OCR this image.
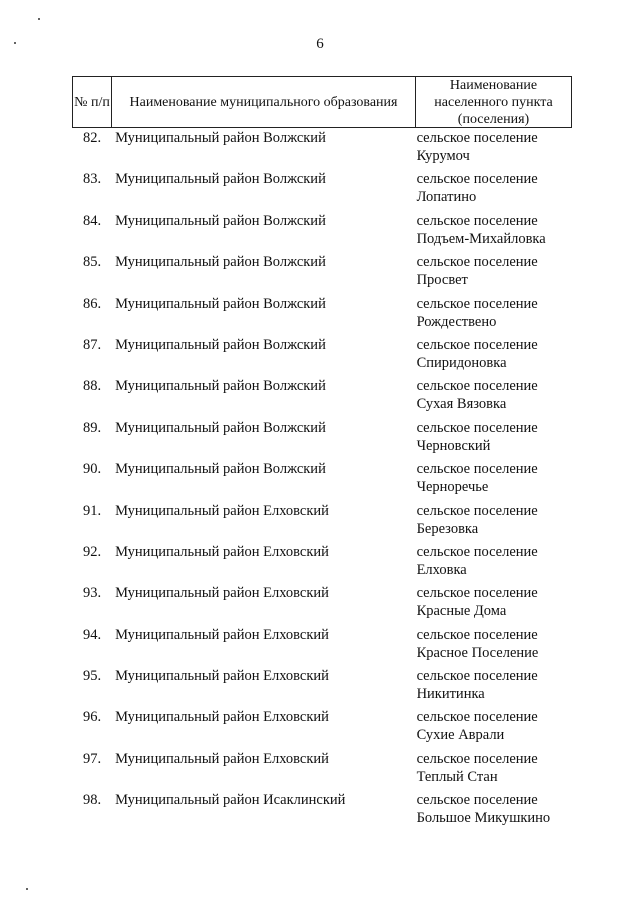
6
№ п/п	Наименование муниципального образования
Наименование населенного пункта (поселения)
82. Муниципальный район Волжский	сельское поселение
Курумоч
83. Муниципальный район Волжский	сельское поселение
Лопатино
84. Муниципальный район Волжский	сельское поселение
Подъем-Михайловка
85. Муниципальный район Волжский	сельское поселение
Просвет
86. Муниципальный район Волжский	сельское поселение
Рождествено
87. Муниципальный район Волжский	сельское поселение
Спиридоновка
88. Муниципальный район Волжский	сельское поселение
Сухая Вязовка
89. Муниципальный район Волжский	сельское поселение
Черновский
90. Муниципальный район Волжский	сельское поселение
Черноречье
91. Муниципальный район Елховский	сельское поселение
Березовка
92. Муниципальный район Елховский	сельское поселение
Елховка
93. Муниципальный район Елховский	сельское поселение
Красные Дома
94. Муниципальный район Елховский	сельское поселение
Красное Поселение
95. Муниципальный район Елховский	сельское поселение
Никитинка
96. Муниципальный район Елховский	сельское поселение
Сухие Аврали
97. Муниципальный район Елховский	сельское поселение
Теплый Стан
98. Муниципальный район Исаклинский	сельское поселение
Большое Микушкино
